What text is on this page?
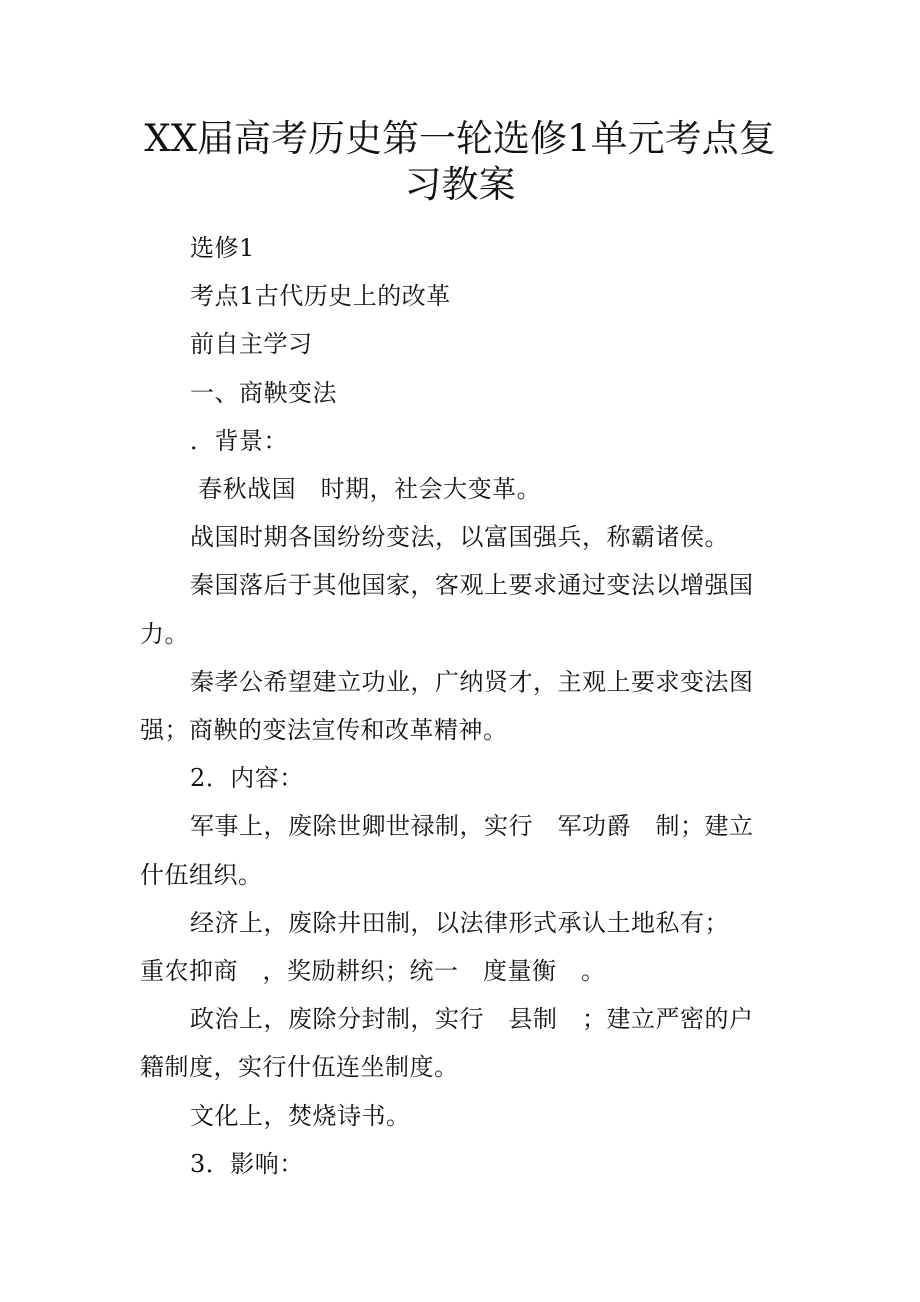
XX届高考历史第一轮选修1单元考点复
习教案
选修1
考点1古代历史上的改革
前自主学习
一、商鞅变法
．背景：
春秋战国　时期，社会大变革。
战国时期各国纷纷变法，以富国强兵，称霸诸侯。
秦国落后于其他国家，客观上要求通过变法以增强国
力。
秦孝公希望建立功业，广纳贤才，主观上要求变法图
强；商鞅的变法宣传和改革精神。
2．内容：
军事上，废除世卿世禄制，实行　军功爵　制；建立
什伍组织。
经济上，废除井田制，以法律形式承认土地私有；
重农抑商　，奖励耕织；统一　度量衡　。
政治上，废除分封制，实行　县制　；建立严密的户
籍制度，实行什伍连坐制度。
文化上，焚烧诗书。
3．影响：
